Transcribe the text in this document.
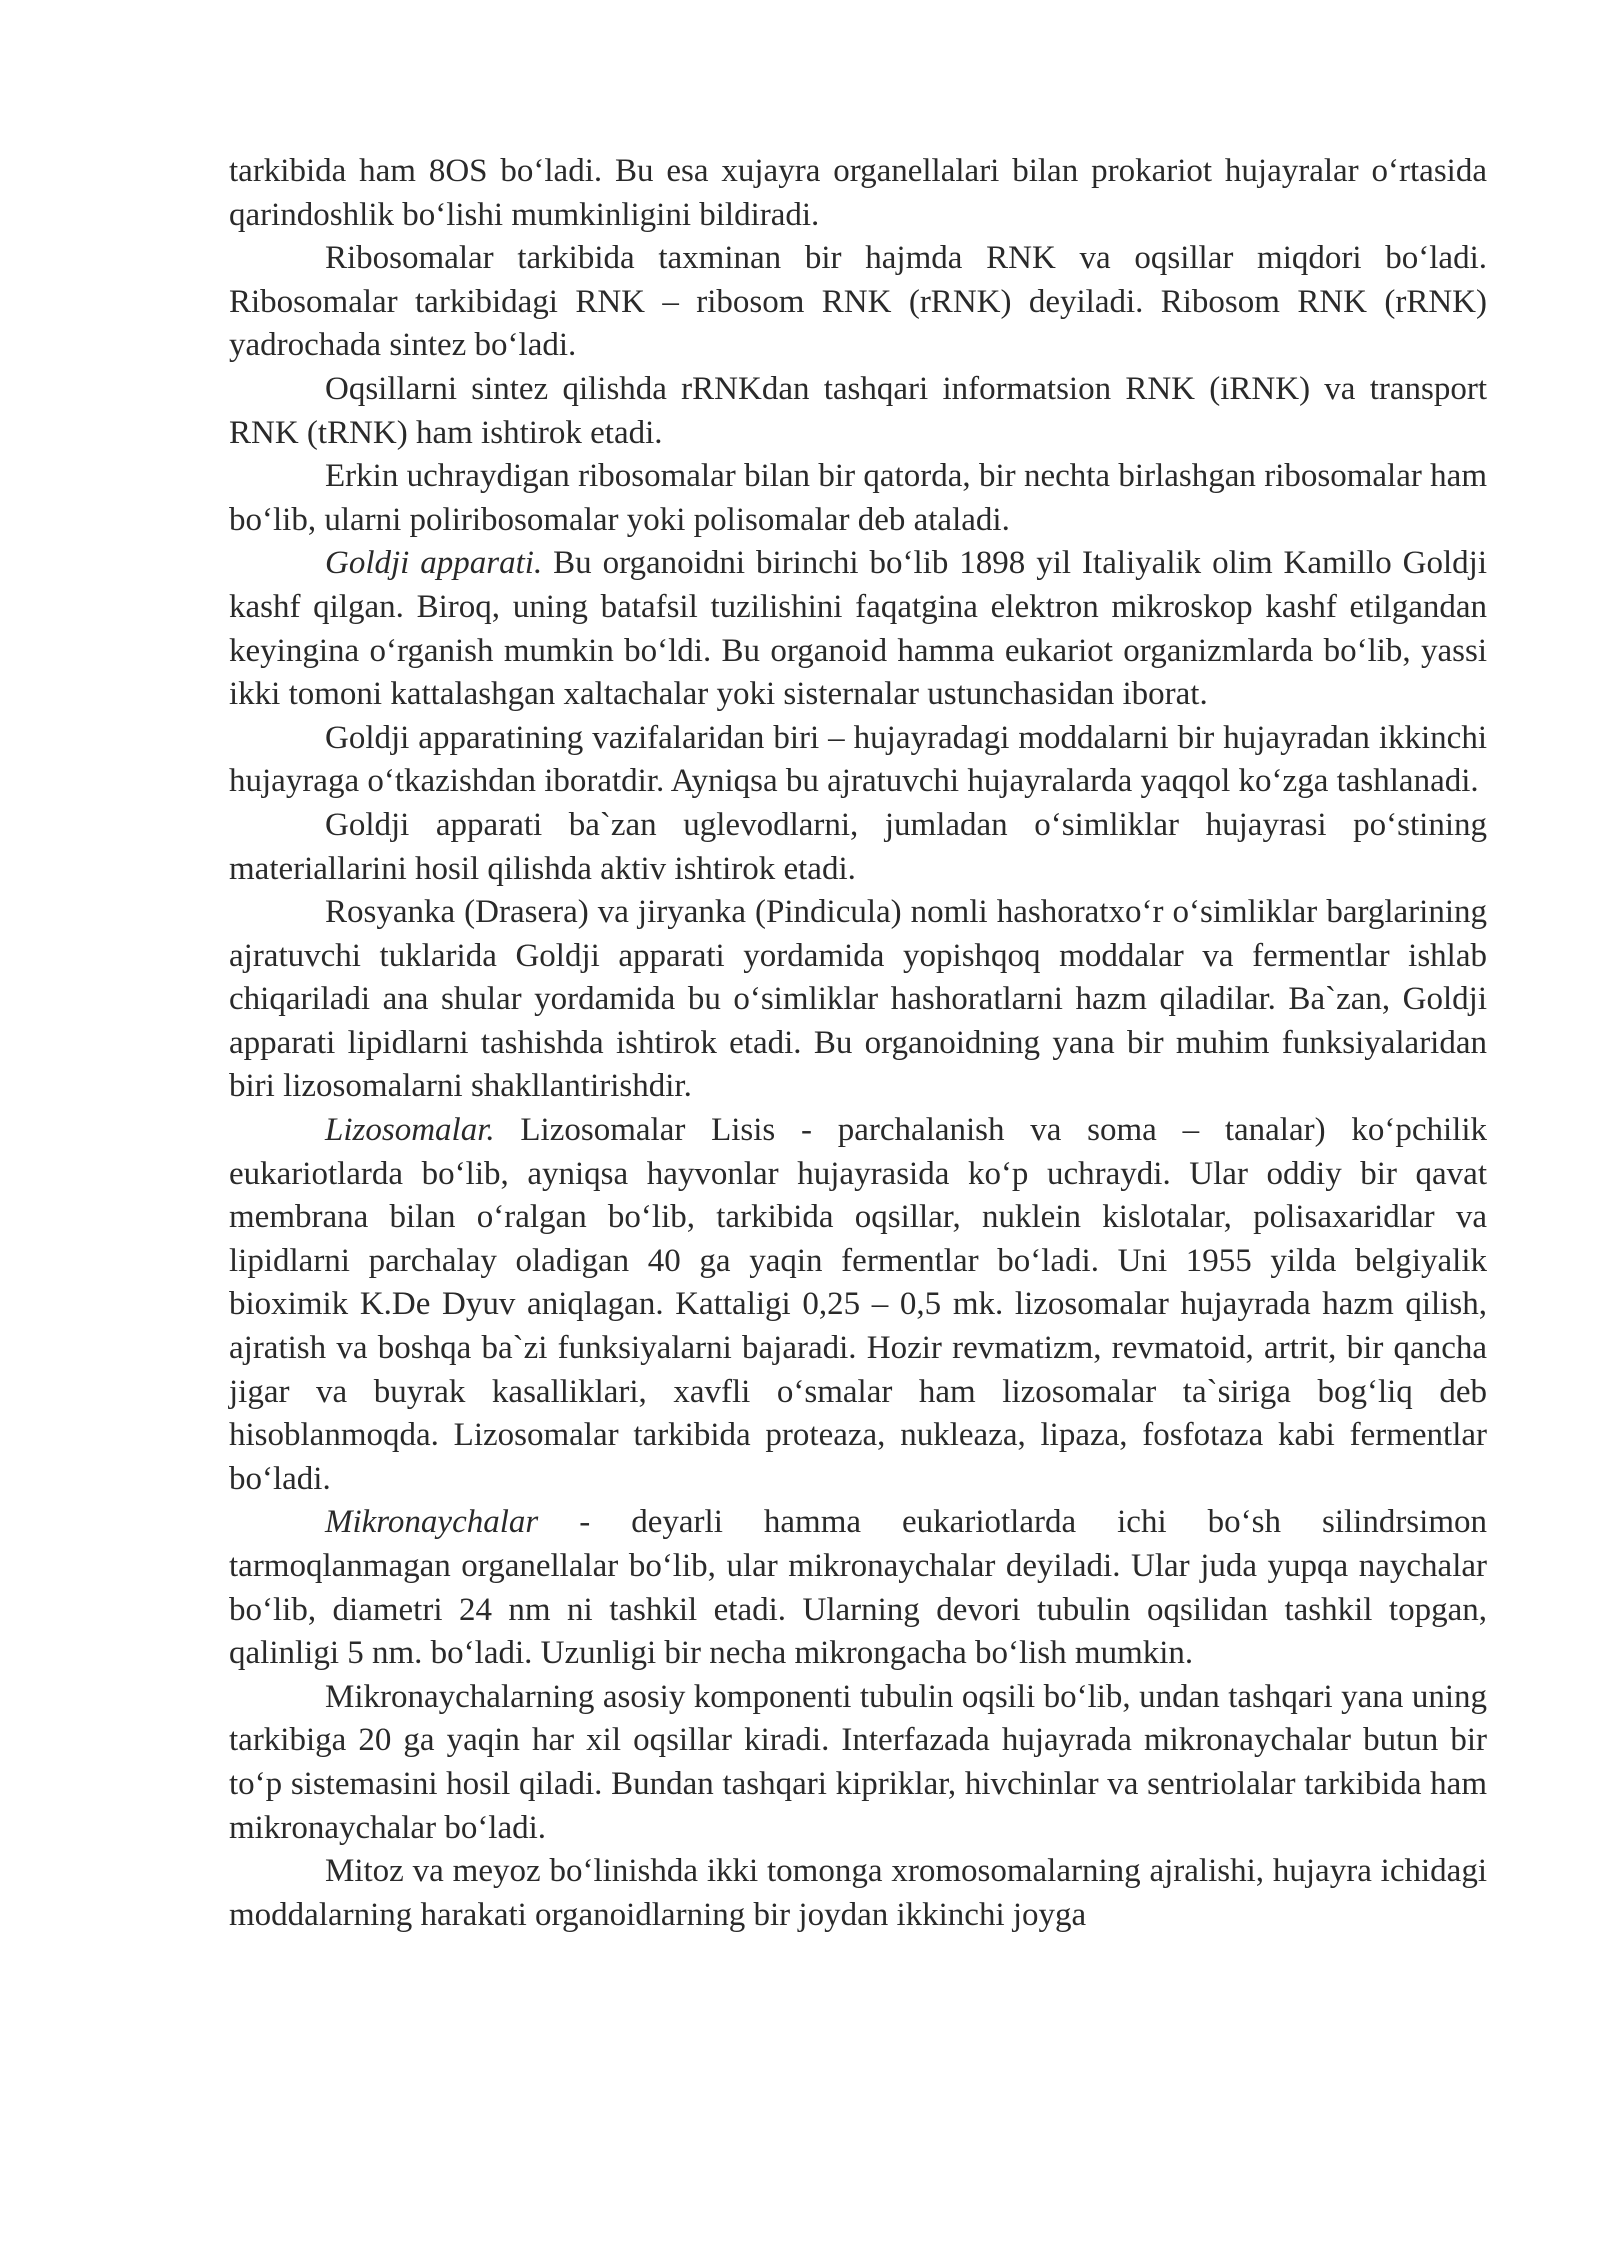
tarkibida ham 8OS bo‘ladi. Bu esa xujayra organellalari bilan prokariot hujayralar o‘rtasida qarindoshlik bo‘lishi mumkinligini bildiradi.

Ribosomalar tarkibida taxminan bir hajmda RNK va oqsillar miqdori bo‘ladi. Ribosomalar tarkibidagi RNK – ribosom RNK (rRNK) deyiladi. Ribosom RNK (rRNK) yadrochada sintez bo‘ladi.

Oqsillarni sintez qilishda rRNKdan tashqari informatsion RNK (iRNK) va transport RNK (tRNK) ham ishtirok etadi.

Erkin uchraydigan ribosomalar bilan bir qatorda, bir nechta birlashgan ribosomalar ham bo‘lib, ularni poliribosomalar yoki polisomalar deb ataladi.

Goldji apparati. Bu organoidni birinchi bo‘lib 1898 yil Italiyalik olim Kamillo Goldji kashf qilgan. Biroq, uning batafsil tuzilishini faqatgina elektron mikroskop kashf etilgandan keyingina o‘rganish mumkin bo‘ldi. Bu organoid hamma eukariot organizmlarda bo‘lib, yassi ikki tomoni kattalashgan xaltachalar yoki sisternalar ustunchasidan iborat.

Goldji apparatining vazifalaridan biri – hujayradagi moddalarni bir hujayradan ikkinchi hujayraga o‘tkazishdan iboratdir. Ayniqsa bu ajratuvchi hujayralarda yaqqol ko‘zga tashlanadi.

Goldji apparati ba`zan uglevodlarni, jumladan o‘simliklar hujayrasi po‘stining materiallarini hosil qilishda aktiv ishtirok etadi.

Rosyanka (Drasera) va jiryanka (Pindicula) nomli hashoratxo‘r o‘simliklar barglarining ajratuvchi tuklarida Goldji apparati yordamida yopishqoq moddalar va fermentlar ishlab chiqariladi ana shular yordamida bu o‘simliklar hashoratlarni hazm qiladilar. Ba`zan, Goldji apparati lipidlarni tashishda ishtirok etadi. Bu organoidning yana bir muhim funksiyalaridan biri lizosomalarni shakllantirishdir.

Lizosomalar. Lizosomalar Lisis - parchalanish va soma – tanalar) ko‘pchilik eukariotlarda bo‘lib, ayniqsa hayvonlar hujayrasida ko‘p uchraydi. Ular oddiy bir qavat membrana bilan o‘ralgan bo‘lib, tarkibida oqsillar, nuklein kislotalar, polisaxaridlar va lipidlarni parchalay oladigan 40 ga yaqin fermentlar bo‘ladi. Uni 1955 yilda belgiyalik bioximik K.De Dyuv aniqlagan. Kattaligi 0,25 – 0,5 mk. lizosomalar hujayrada hazm qilish, ajratish va boshqa ba`zi funksiyalarni bajaradi. Hozir revmatizm, revmatoid, artrit, bir qancha jigar va buyrak kasalliklari, xavfli o‘smalar ham lizosomalar ta`siriga bog‘liq deb hisoblanmoqda. Lizosomalar tarkibida proteaza, nukleaza, lipaza, fosfotaza kabi fermentlar bo‘ladi.

Mikronaychalar - deyarli hamma eukariotlarda ichi bo‘sh silindrsimon tarmoqlanmagan organellalar bo‘lib, ular mikronaychalar deyiladi. Ular juda yupqa naychalar bo‘lib, diametri 24 nm ni tashkil etadi. Ularning devori tubulin oqsilidan tashkil topgan, qalinligi 5 nm. bo‘ladi. Uzunligi bir necha mikrongacha bo‘lish mumkin.

Mikronaychalarning asosiy komponenti tubulin oqsili bo‘lib, undan tashqari yana uning tarkibiga 20 ga yaqin har xil oqsillar kiradi. Interfazada hujayrada mikronaychalar butun bir to‘p sistemasini hosil qiladi. Bundan tashqari kipriklar, hivchinlar va sentriolalar tarkibida ham mikronaychalar bo‘ladi.

Mitoz va meyoz bo‘linishda ikki tomonga xromosomalarning ajralishi, hujayra ichidagi moddalarning harakati organoidlarning bir joydan ikkinchi joyga
